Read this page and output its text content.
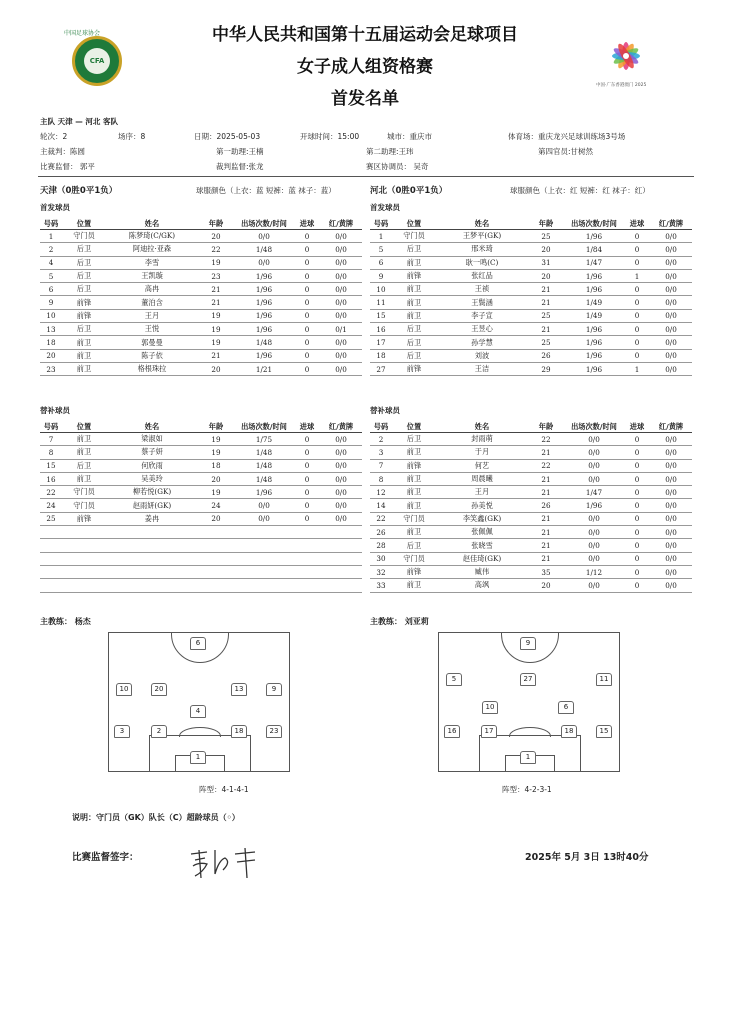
CFA
中国足球协会
中国·广东香港澳门 2025
中华人民共和国第十五届运动会足球项目
女子成人组资格赛
首发名单
主队 天津 — 河北 客队
轮次：2	场序：8	日期：2025-05-03	开球时间：15:00	城市：重庆市	体育场：重庆龙兴足球训练场3号场
主裁判：陈圆	第一助理:王楠	第二助理:王玮	第四官员:甘树然
比赛监督： 郭平	裁判监督:张龙	赛区协调员： 吴奇
天津（0胜0平1负）	球服颜色（上衣：蓝 短裤：蓝 袜子：蓝）	河北（0胜0平1负）	球服颜色（上衣：红 短裤：红 袜子：红）
首发球员	首发球员
号码	位置	姓名	年龄	出场次数/时间	进球	红/黄牌
1	守门员	陈梦琦(C/GK)	20	0/0	0	0/0
2	后卫	阿迪拉·亚森	22	1/48	0	0/0
4	后卫	李雪	19	0/0	0	0/0
5	后卫	王凯璇	23	1/96	0	0/0
6	后卫	高冉	21	1/96	0	0/0
9	前锋	董泊含	21	1/96	0	0/0
10	前锋	王月	19	1/96	0	0/0
13	后卫	王悦	19	1/96	0	0/1
18	前卫	郭曼曼	19	1/48	0	0/0
20	前卫	陈子依	21	1/96	0	0/0
23	前卫	格根珠拉	20	1/21	0	0/0
号码	位置	姓名	年龄	出场次数/时间	进球	红/黄牌
1	守门员	王梦平(GK)	25	1/96	0	0/0
5	后卫	邢米琦	20	1/84	0	0/0
6	前卫	耿一鸣(C)	31	1/47	0	0/0
9	前锋	张红品	20	1/96	1	0/0
10	前卫	王祯	21	1/96	0	0/0
11	前卫	王鬓涵	21	1/49	0	0/0
15	前卫	李子宣	25	1/49	0	0/0
16	后卫	王昱心	21	1/96	0	0/0
17	后卫	孙学慧	25	1/96	0	0/0
18	后卫	刘波	26	1/96	0	0/0
27	前锋	王洁	29	1/96	1	0/0
替补球员	替补球员
号码	位置	姓名	年龄	出场次数/时间	进球	红/黄牌
7	前卫	梁淑如	19	1/75	0	0/0
8	前卫	蔡子妍	19	1/48	0	0/0
15	后卫	何欣雨	18	1/48	0	0/0
16	前卫	吴美玲	20	1/48	0	0/0
22	守门员	柳若悦(GK)	19	1/96	0	0/0
24	守门员	赵雨妍(GK)	24	0/0	0	0/0
25	前锋	姜冉	20	0/0	0	0/0

号码	位置	姓名	年龄	出场次数/时间	进球	红/黄牌
2	后卫	封雨萌	22	0/0	0	0/0
3	前卫	于月	21	0/0	0	0/0
7	前锋	何艺	22	0/0	0	0/0
8	前卫	周晨曦	21	0/0	0	0/0
12	前卫	王月	21	1/47	0	0/0
14	前卫	孙美悦	26	1/96	0	0/0
22	守门员	李笑鑫(GK)	21	0/0	0	0/0
26	前卫	张佩佩	21	0/0	0	0/0
28	后卫	张晓雪	21	0/0	0	0/0
30	守门员	赵佳琦(GK)	21	0/0	0	0/0
32	前锋	臧伟	35	1/12	0	0/0
33	前卫	高飒	20	0/0	0	0/0
主教练： 杨杰	主教练： 刘亚莉
6
10	20	13	9
4
3	2	18	23
1
阵型：4-1-4-1
9
5	27	11
10	6
16	17	18	15
1
阵型：4-2-3-1
说明：守门员（GK）队长（C）超龄球员（◦）
比赛监督签字：	2025年 5月 3日 13时40分
